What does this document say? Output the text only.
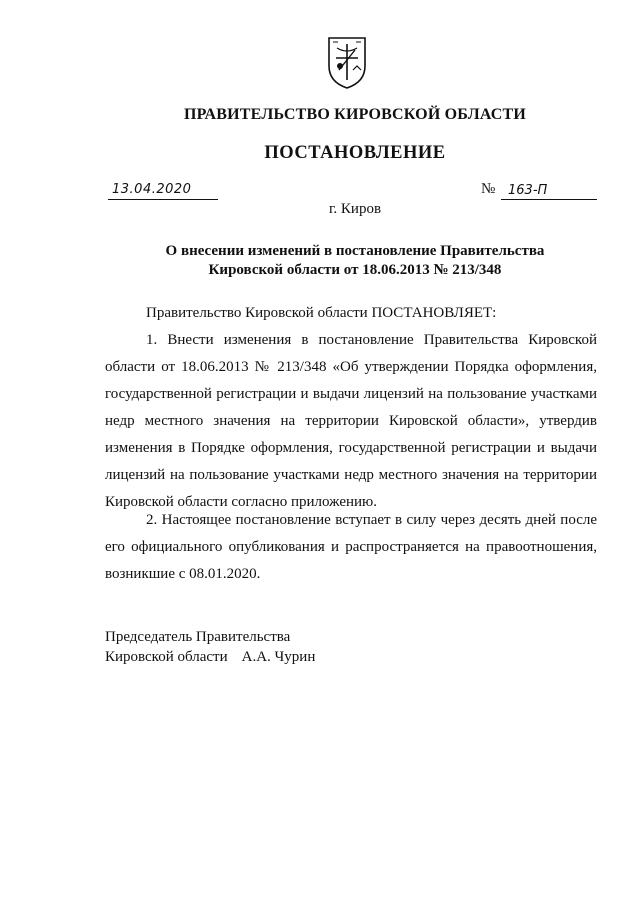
ПРАВИТЕЛЬСТВО КИРОВСКОЙ ОБЛАСТИ
ПОСТАНОВЛЕНИЕ
13.04.2020	№ 163-П
г. Киров
О внесении изменений в постановление Правительства
Кировской области от 18.06.2013 № 213/348
Правительство Кировской области ПОСТАНОВЛЯЕТ:

1. Внести изменения в постановление Правительства Кировской области от 18.06.2013 № 213/348 «Об утверждении Порядка оформления, государственной регистрации и выдачи лицензий на пользование участками недр местного значения на территории Кировской области», утвердив изменения в Порядке оформления, государственной регистрации и выдачи лицензий на пользование участками недр местного значения на территории Кировской области согласно приложению.

2. Настоящее постановление вступает в силу через десять дней после его официального опубликования и распространяется на правоотношения, возникшие с 08.01.2020.

Председатель Правительства
Кировской области А.А. Чурин
